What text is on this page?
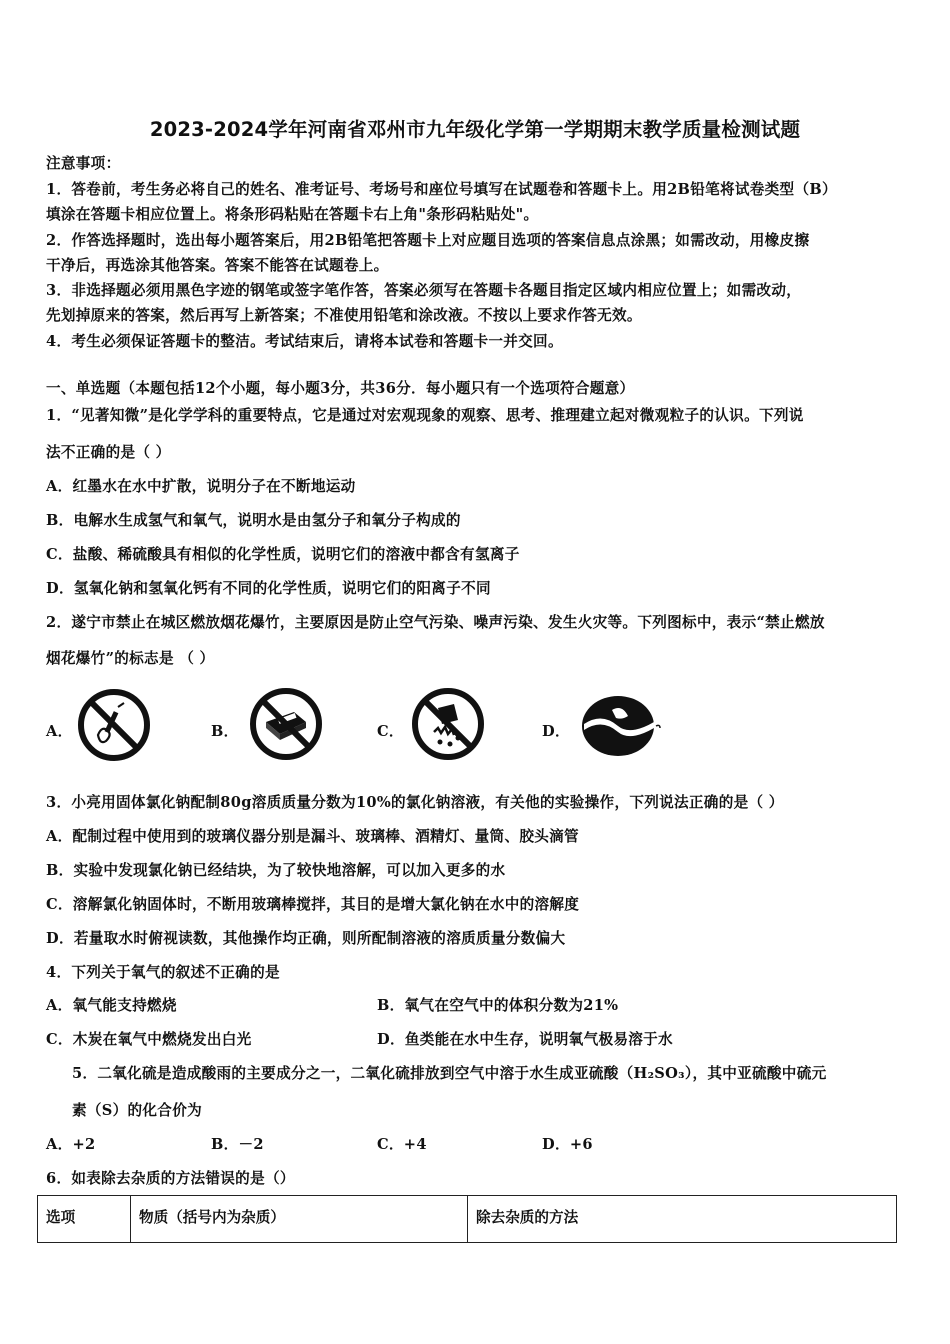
2023-2024学年河南省邓州市九年级化学第一学期期末教学质量检测试题
注意事项：
1．答卷前，考生务必将自己的姓名、准考证号、考场号和座位号填写在试题卷和答题卡上。用2B铅笔将试卷类型（B）
填涂在答题卡相应位置上。将条形码粘贴在答题卡右上角"条形码粘贴处"。
2．作答选择题时，选出每小题答案后，用2B铅笔把答题卡上对应题目选项的答案信息点涂黑；如需改动，用橡皮擦
干净后，再选涂其他答案。答案不能答在试题卷上。
3．非选择题必须用黑色字迹的钢笔或签字笔作答，答案必须写在答题卡各题目指定区域内相应位置上；如需改动，
先划掉原来的答案，然后再写上新答案；不准使用铅笔和涂改液。不按以上要求作答无效。
4．考生必须保证答题卡的整洁。考试结束后，请将本试卷和答题卡一并交回。
一、单选题（本题包括12个小题，每小题3分，共36分．每小题只有一个选项符合题意）
1．“见著知微”是化学学科的重要特点，它是通过对宏观现象的观察、思考、推理建立起对微观粒子的认识。下列说
法不正确的是（ ）
A．红墨水在水中扩散，说明分子在不断地运动
B．电解水生成氢气和氧气，说明水是由氢分子和氧分子构成的
C．盐酸、稀硫酸具有相似的化学性质，说明它们的溶液中都含有氢离子
D．氢氧化钠和氢氧化钙有不同的化学性质，说明它们的阳离子不同
2．遂宁市禁止在城区燃放烟花爆竹，主要原因是防止空气污染、噪声污染、发生火灾等。下列图标中，表示“禁止燃放
烟花爆竹”的标志是 （ ）
A．	B．	C．	D．
3．小亮用固体氯化钠配制80g溶质质量分数为10%的氯化钠溶液，有关他的实验操作，下列说法正确的是（ ）
A．配制过程中使用到的玻璃仪器分别是漏斗、玻璃棒、酒精灯、量筒、胶头滴管
B．实验中发现氯化钠已经结块，为了较快地溶解，可以加入更多的水
C．溶解氯化钠固体时，不断用玻璃棒搅拌，其目的是增大氯化钠在水中的溶解度
D．若量取水时俯视读数，其他操作均正确，则所配制溶液的溶质质量分数偏大
4．下列关于氧气的叙述不正确的是
A．氧气能支持燃烧	B．氧气在空气中的体积分数为21%
C．木炭在氧气中燃烧发出白光	D．鱼类能在水中生存，说明氧气极易溶于水
5．二氧化硫是造成酸雨的主要成分之一，二氧化硫排放到空气中溶于水生成亚硫酸（H₂SO₃），其中亚硫酸中硫元
素（S）的化合价为
A．+2	B．－2	C．+4	D．+6
6．如表除去杂质的方法错误的是（）
选项	物质（括号内为杂质）	除去杂质的方法
